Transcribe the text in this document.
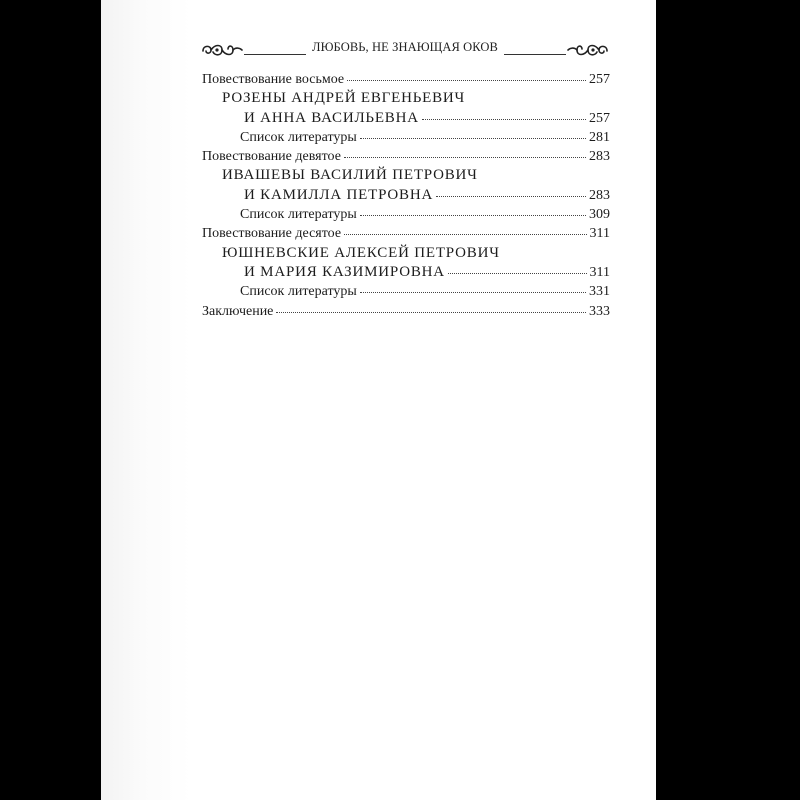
ЛЮБОВЬ, НЕ ЗНАЮЩАЯ ОКОВ
Повествование восьмое	257
РОЗЕНЫ АНДРЕЙ ЕВГЕНЬЕВИЧ
И АННА ВАСИЛЬЕВНА	257
Список литературы	281
Повествование девятое	283
ИВАШЕВЫ ВАСИЛИЙ ПЕТРОВИЧ
И КАМИЛЛА ПЕТРОВНА	283
Список литературы	309
Повествование десятое	311
ЮШНЕВСКИЕ АЛЕКСЕЙ ПЕТРОВИЧ
И МАРИЯ КАЗИМИРОВНА	311
Список литературы	331
Заключение	333
